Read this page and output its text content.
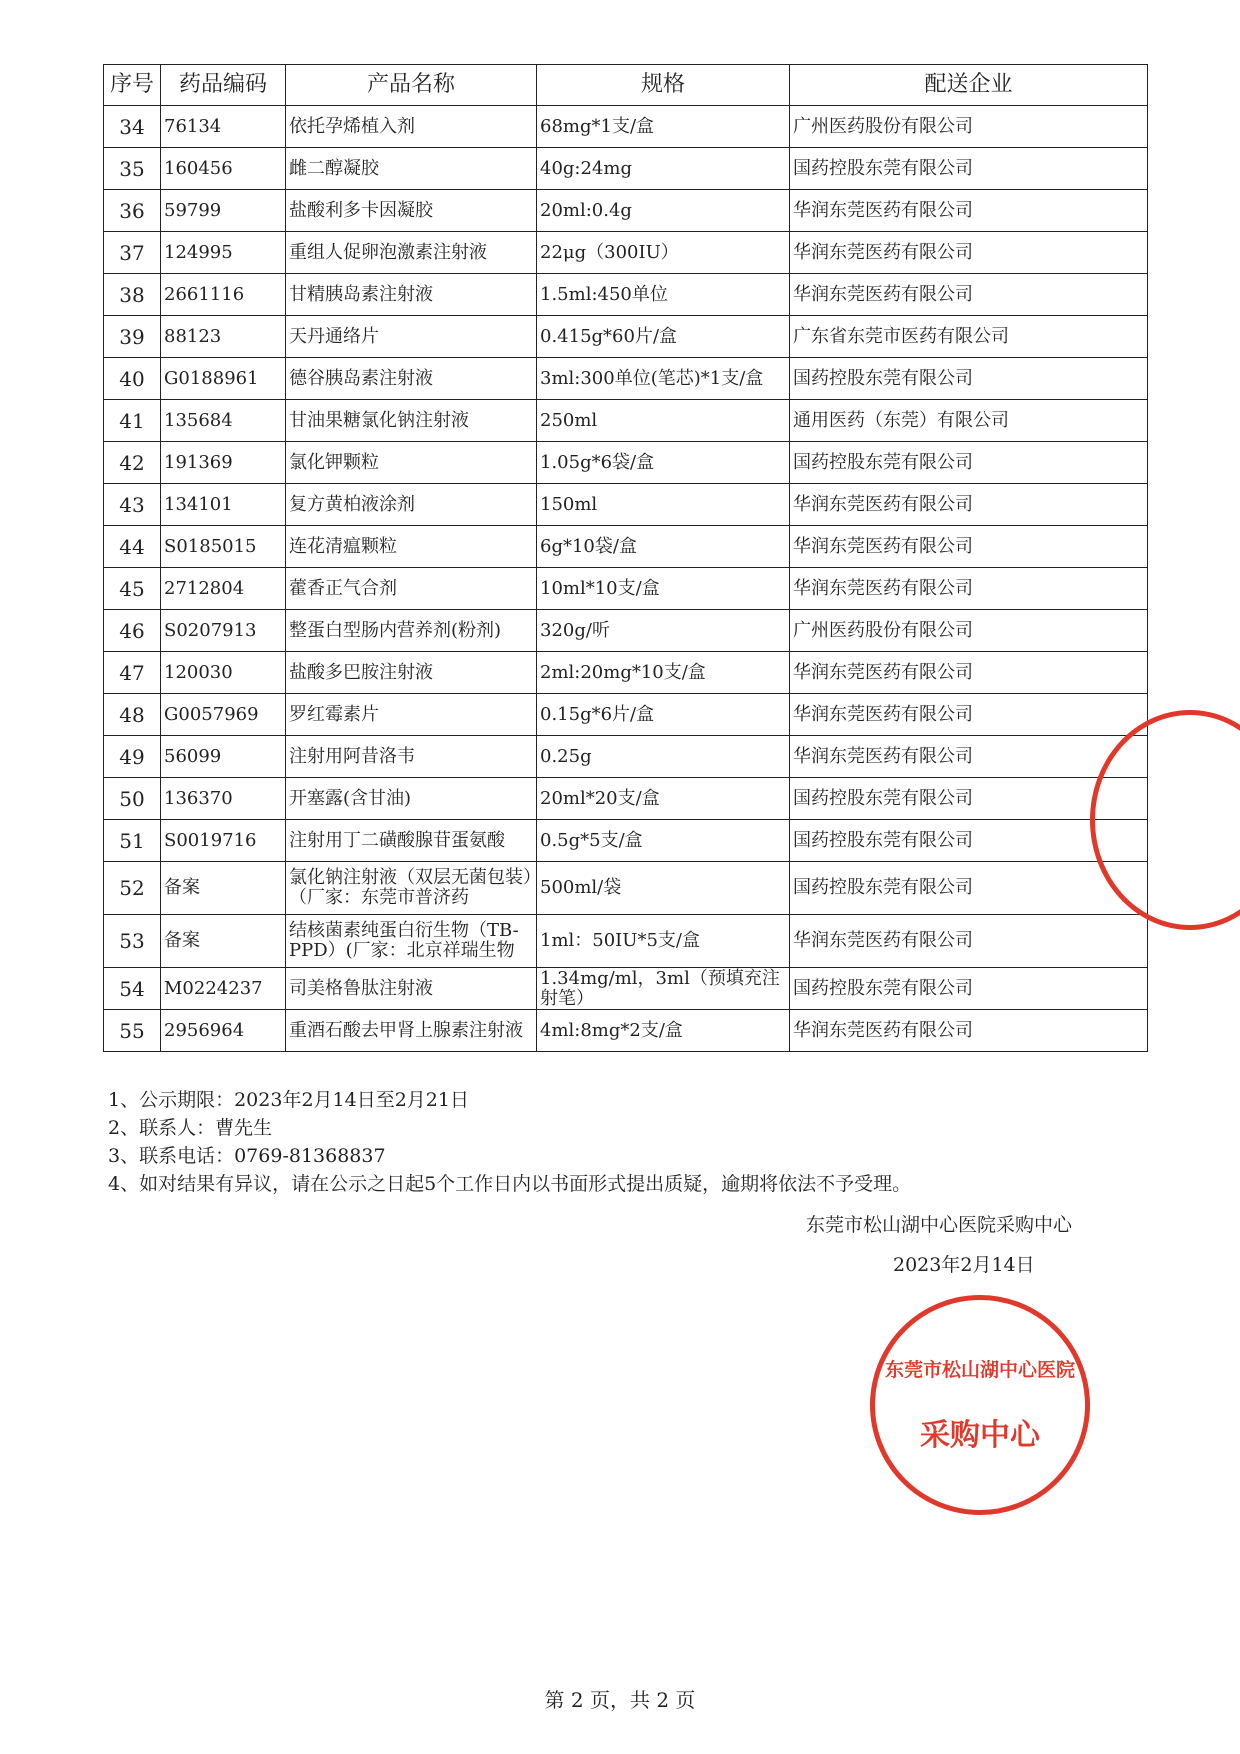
序号	药品编码	产品名称	规格	配送企业
34	76134	依托孕烯植入剂	68mg*1支/盒	广州医药股份有限公司
35	160456	雌二醇凝胶	40g:24mg	国药控股东莞有限公司
36	59799	盐酸利多卡因凝胶	20ml:0.4g	华润东莞医药有限公司
37	124995	重组人促卵泡激素注射液	22μg（300IU）	华润东莞医药有限公司
38	2661116	甘精胰岛素注射液	1.5ml:450单位	华润东莞医药有限公司
39	88123	天丹通络片	0.415g*60片/盒	广东省东莞市医药有限公司
40	G0188961	德谷胰岛素注射液	3ml:300单位(笔芯)*1支/盒	国药控股东莞有限公司
41	135684	甘油果糖氯化钠注射液	250ml	通用医药（东莞）有限公司
42	191369	氯化钾颗粒	1.05g*6袋/盒	国药控股东莞有限公司
43	134101	复方黄柏液涂剂	150ml	华润东莞医药有限公司
44	S0185015	连花清瘟颗粒	6g*10袋/盒	华润东莞医药有限公司
45	2712804	藿香正气合剂	10ml*10支/盒	华润东莞医药有限公司
46	S0207913	整蛋白型肠内营养剂(粉剂)	320g/听	广州医药股份有限公司
47	120030	盐酸多巴胺注射液	2ml:20mg*10支/盒	华润东莞医药有限公司
48	G0057969	罗红霉素片	0.15g*6片/盒	华润东莞医药有限公司
49	56099	注射用阿昔洛韦	0.25g	华润东莞医药有限公司
50	136370	开塞露(含甘油)	20ml*20支/盒	国药控股东莞有限公司
51	S0019716	注射用丁二磺酸腺苷蛋氨酸	0.5g*5支/盒	国药控股东莞有限公司
52	备案	氯化钠注射液（双层无菌包装）（厂家：东莞市普济药	500ml/袋	国药控股东莞有限公司
53	备案	结核菌素纯蛋白衍生物（TB-PPD）(厂家：北京祥瑞生物	1ml：50IU*5支/盒	华润东莞医药有限公司
54	M0224237	司美格鲁肽注射液	1.34mg/ml，3ml（预填充注射笔）	国药控股东莞有限公司
55	2956964	重酒石酸去甲肾上腺素注射液	4ml:8mg*2支/盒	华润东莞医药有限公司
1、公示期限：2023年2月14日至2月21日
2、联系人：曹先生
3、联系电话：0769-81368837
4、如对结果有异议，请在公示之日起5个工作日内以书面形式提出质疑，逾期将依法不予受理。
东莞市松山湖中心医院采购中心
2023年2月14日
东莞市松山湖中心医院
采购中心
第 2 页，共 2 页
